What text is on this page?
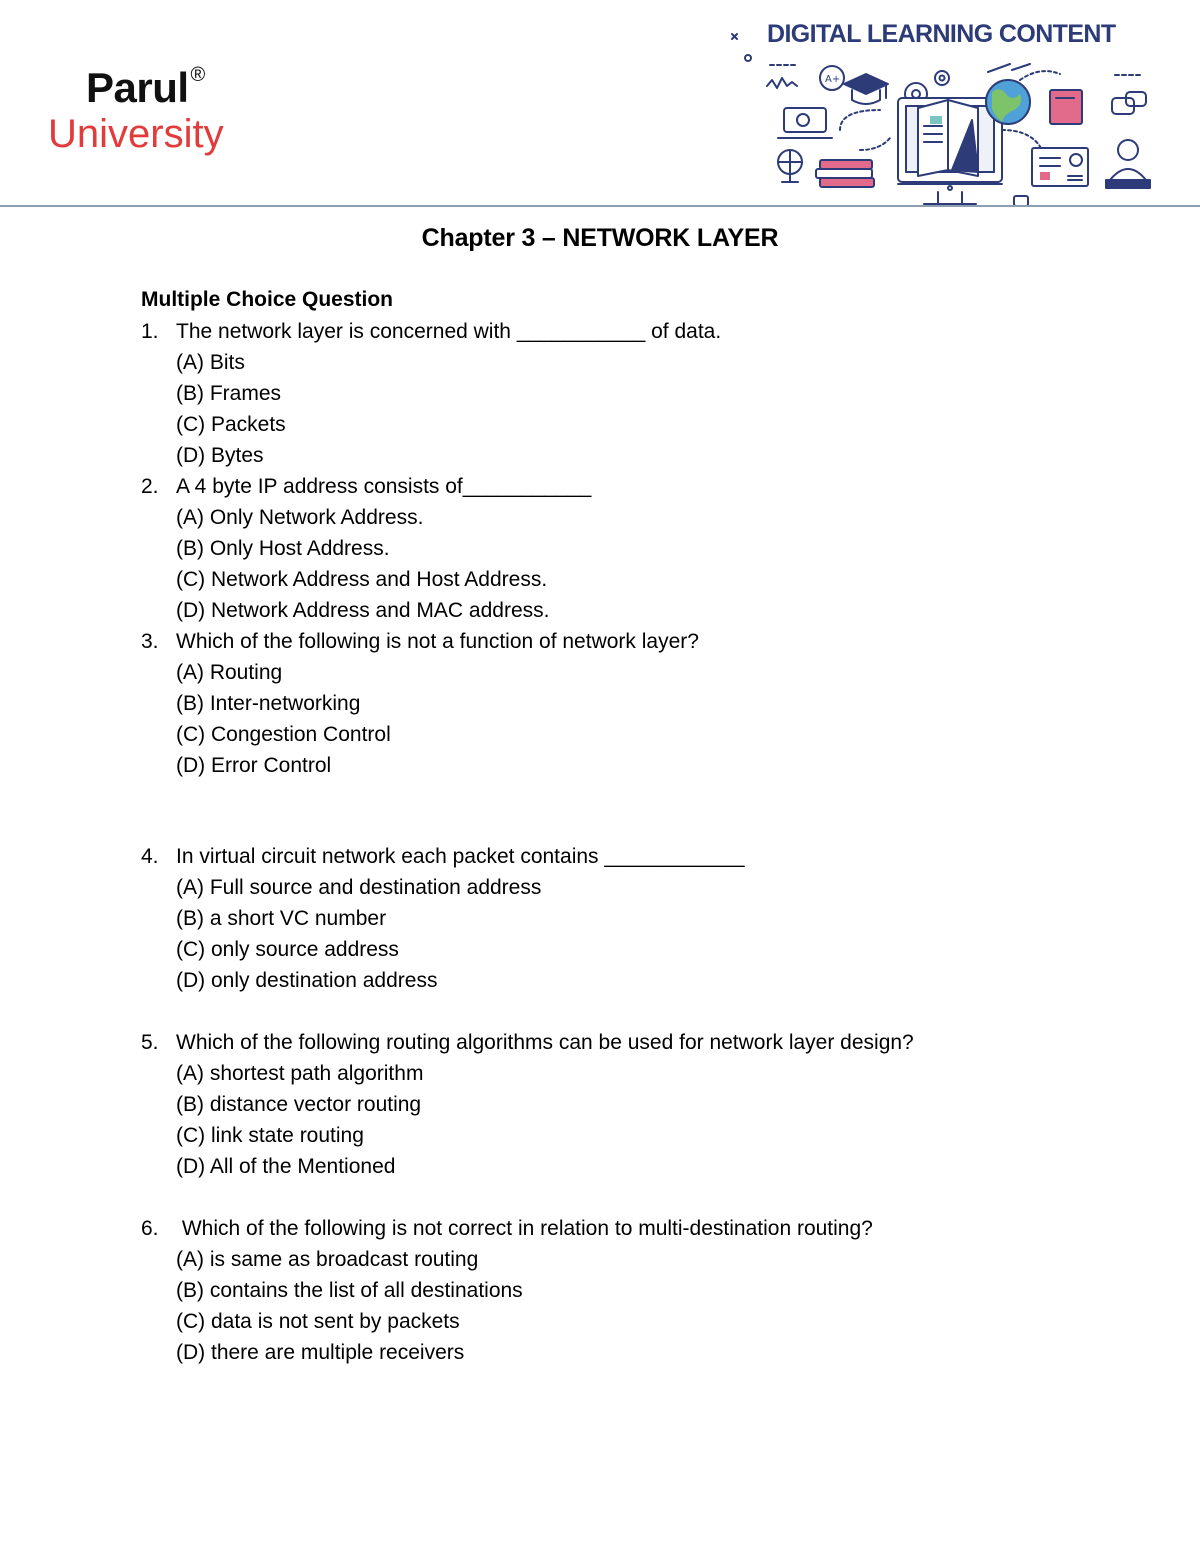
Parul ®
University
DIGITAL LEARNING CONTENT
A+
Chapter 3 – NETWORK LAYER
Multiple Choice Question
1. The network layer is concerned with ___________ of data.
(A) Bits
(B) Frames
(C) Packets
(D) Bytes
2. A 4 byte IP address consists of___________
(A) Only Network Address.
(B) Only Host Address.
(C) Network Address and Host Address.
(D) Network Address and MAC address.
3. Which of the following is not a function of network layer?
(A) Routing
(B) Inter-networking
(C) Congestion Control
(D) Error Control
4. In virtual circuit network each packet contains ____________
(A) Full source and destination address
(B) a short VC number
(C) only source address
(D) only destination address
5. Which of the following routing algorithms can be used for network layer design?
(A) shortest path algorithm
(B) distance vector routing
(C) link state routing
(D) All of the Mentioned
6. Which of the following is not correct in relation to multi-destination routing?
(A) is same as broadcast routing
(B) contains the list of all destinations
(C) data is not sent by packets
(D) there are multiple receivers
